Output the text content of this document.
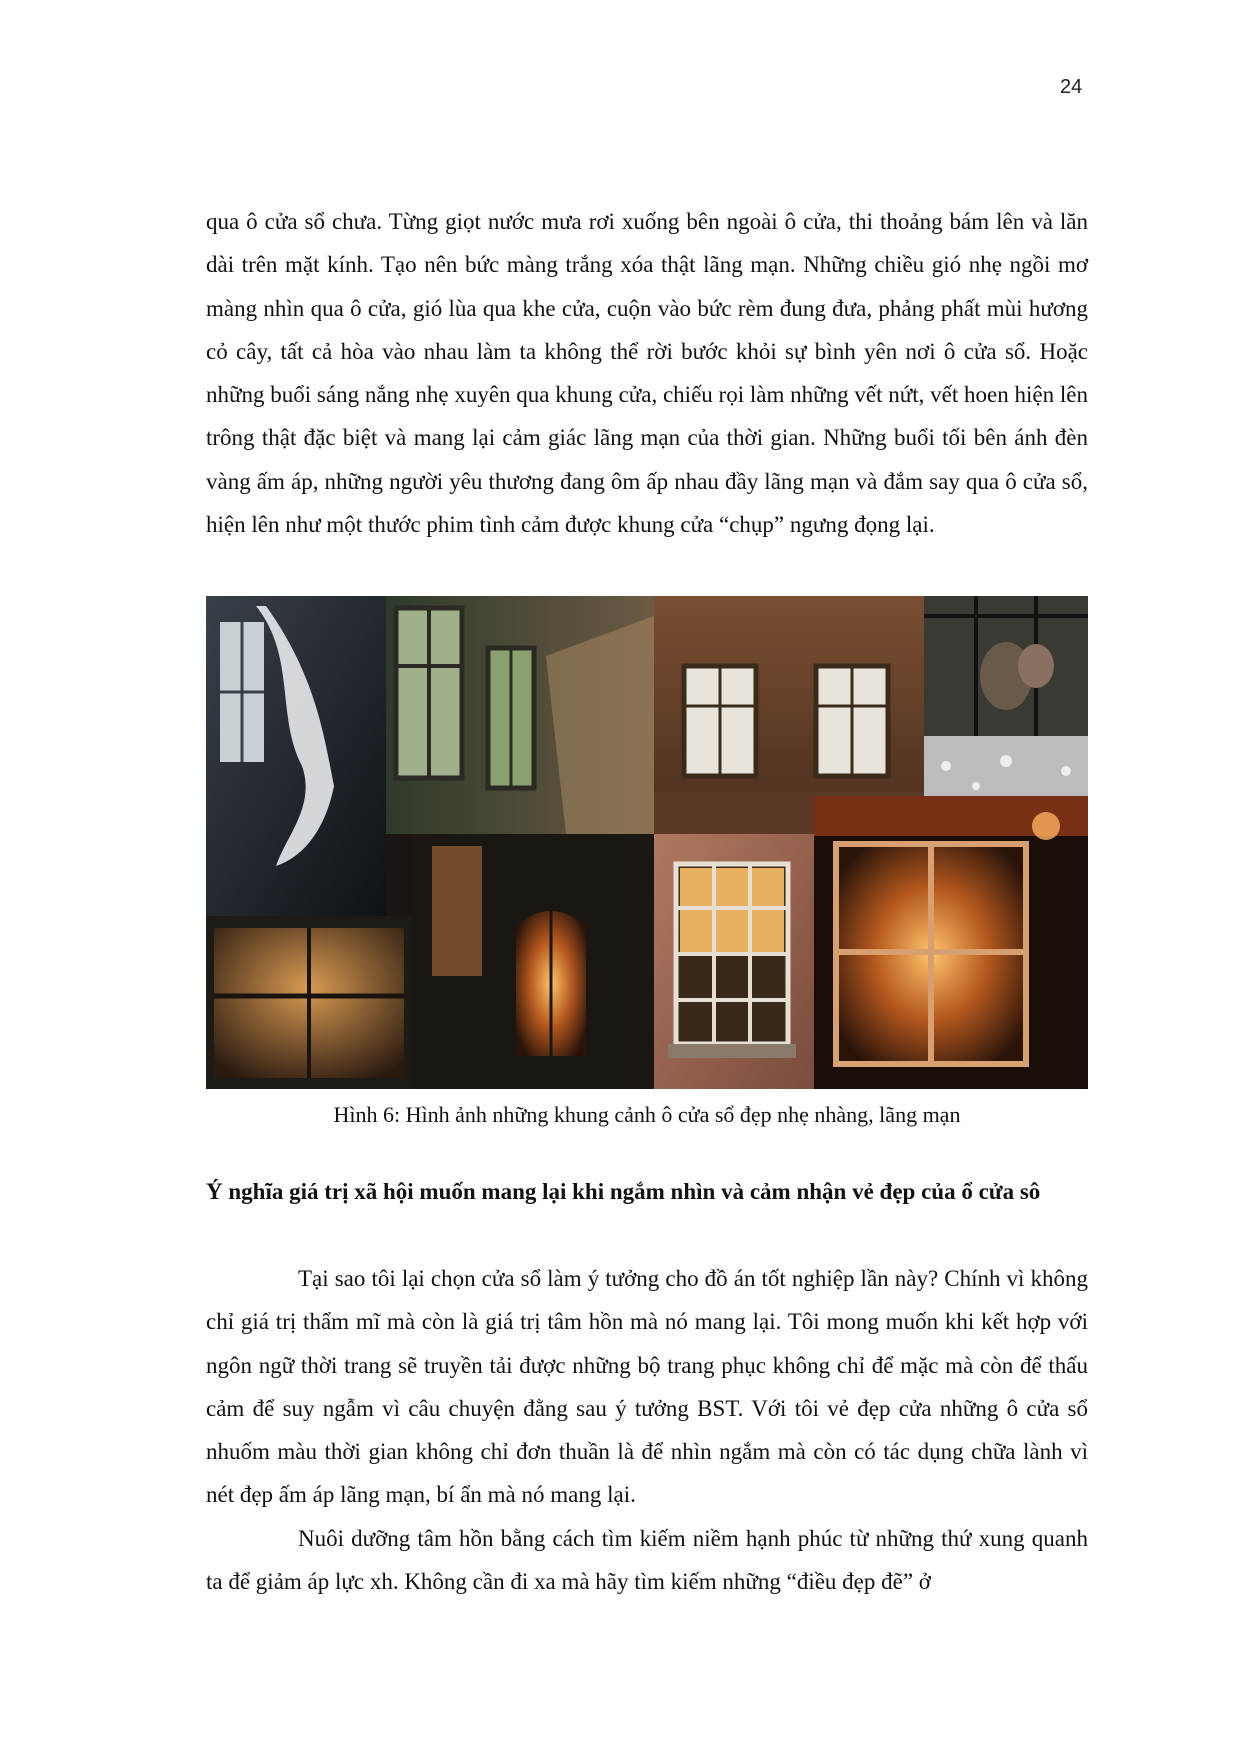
24

qua ô cửa sổ chưa. Từng giọt nước mưa rơi xuống bên ngoài ô cửa, thi thoảng bám lên và lăn dài trên mặt kính. Tạo nên bức màng trắng xóa thật lãng mạn. Những chiều gió nhẹ ngồi mơ màng nhìn qua ô cửa, gió lùa qua khe cửa, cuộn vào bức rèm đung đưa, phảng phất mùi hương cỏ cây, tất cả hòa vào nhau làm ta không thể rời bước khỏi sự bình yên nơi ô cửa sổ. Hoặc những buổi sáng nắng nhẹ xuyên qua khung cửa, chiếu rọi làm những vết nứt, vết hoen hiện lên trông thật đặc biệt và mang lại cảm giác lãng mạn của thời gian. Những buổi tối bên ánh đèn vàng ấm áp, những người yêu thương đang ôm ấp nhau đầy lãng mạn và đắm say qua ô cửa sổ, hiện lên như một thước phim tình cảm được khung cửa “chụp” ngưng đọng lại.

Hình 6: Hình ảnh những khung cảnh ô cửa sổ đẹp nhẹ nhàng, lãng mạn

Ý nghĩa giá trị xã hội muốn mang lại khi ngắm nhìn và cảm nhận vẻ đẹp của ổ cửa sô

Tại sao tôi lại chọn cửa sổ làm ý tưởng cho đồ án tốt nghiệp lần này? Chính vì không chỉ giá trị thẩm mĩ mà còn là giá trị tâm hồn mà nó mang lại. Tôi mong muốn khi kết hợp với ngôn ngữ thời trang sẽ truyền tải được những bộ trang phục không chỉ để mặc mà còn để thấu cảm để suy ngẫm vì câu chuyện đằng sau ý tưởng BST. Với tôi vẻ đẹp cửa những ô cửa sổ nhuốm màu thời gian không chỉ đơn thuần là để nhìn ngắm mà còn có tác dụng chữa lành vì nét đẹp ấm áp lãng mạn, bí ẩn mà nó mang lại.

Nuôi dưỡng tâm hồn bằng cách tìm kiếm niềm hạnh phúc từ những thứ xung quanh ta để giảm áp lực xh. Không cần đi xa mà hãy tìm kiếm những “điều đẹp đẽ” ở
